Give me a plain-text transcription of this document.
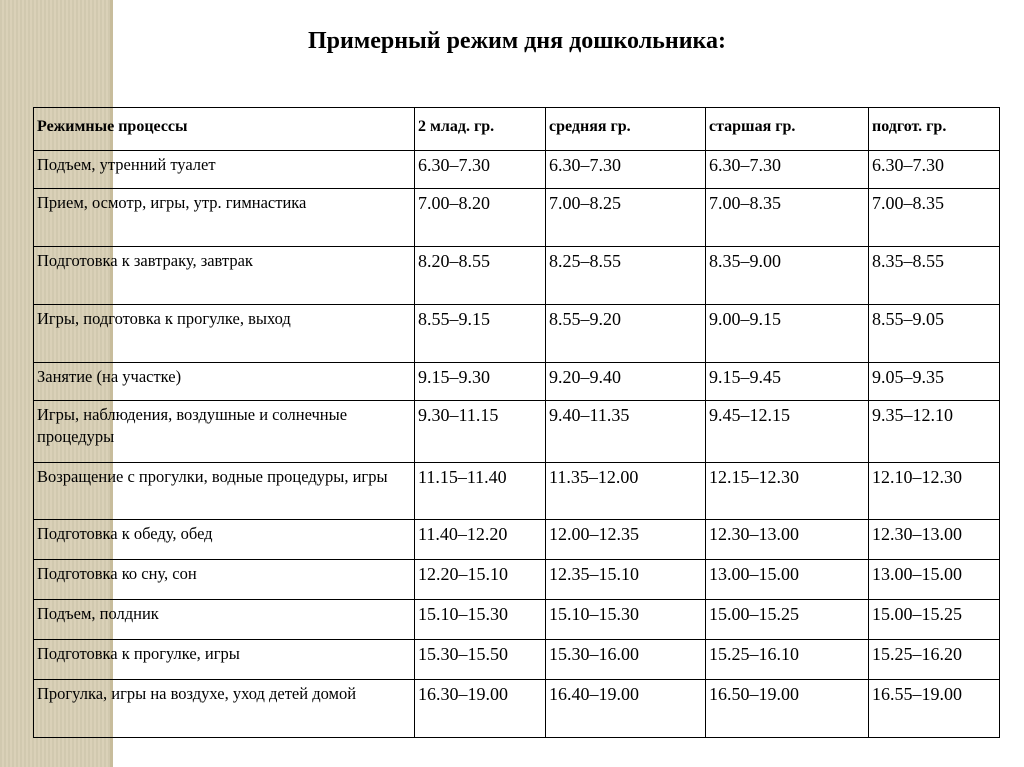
Примерный режим дня дошкольника:
Режимные процессы	2 млад. гр.	средняя гр.	старшая гр.	подгот. гр.
Подъем, утренний туалет	6.30–7.30	6.30–7.30	6.30–7.30	6.30–7.30
Прием, осмотр, игры, утр. гимнастика	7.00–8.20	7.00–8.25	7.00–8.35	7.00–8.35
Подготовка к завтраку, завтрак	8.20–8.55	8.25–8.55	8.35–9.00	8.35–8.55
Игры, подготовка к прогулке, выход	8.55–9.15	8.55–9.20	9.00–9.15	8.55–9.05
Занятие (на участке)	9.15–9.30	9.20–9.40	9.15–9.45	9.05–9.35
Игры, наблюдения, воздушные и солнечные процедуры	9.30–11.15	9.40–11.35	9.45–12.15	9.35–12.10
Возращение с прогулки, водные процедуры, игры	11.15–11.40	11.35–12.00	12.15–12.30	12.10–12.30
Подготовка к обеду, обед	11.40–12.20	12.00–12.35	12.30–13.00	12.30–13.00
Подготовка ко сну, сон	12.20–15.10	12.35–15.10	13.00–15.00	13.00–15.00
Подъем, полдник	15.10–15.30	15.10–15.30	15.00–15.25	15.00–15.25
Подготовка к прогулке, игры	15.30–15.50	15.30–16.00	15.25–16.10	15.25–16.20
Прогулка, игры на воздухе, уход детей домой	16.30–19.00	16.40–19.00	16.50–19.00	16.55–19.00
